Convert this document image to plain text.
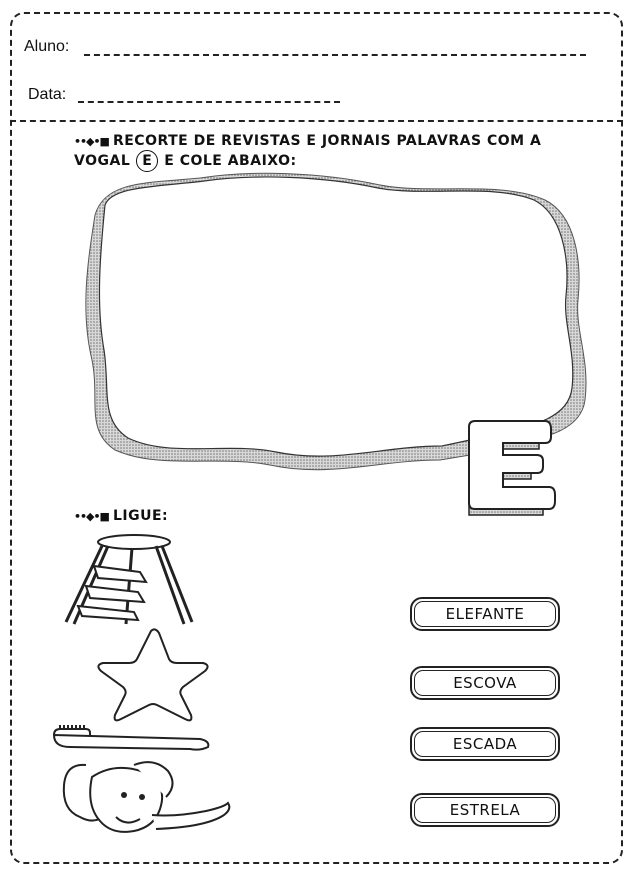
Aluno:
Data:
••◆•■ RECORTE DE REVISTAS E JORNAIS PALAVRAS COM A
VOGAL E E COLE ABAIXO:
••◆•■ LIGUE:
ELEFANTE
ESCOVA
ESCADA
ESTRELA
